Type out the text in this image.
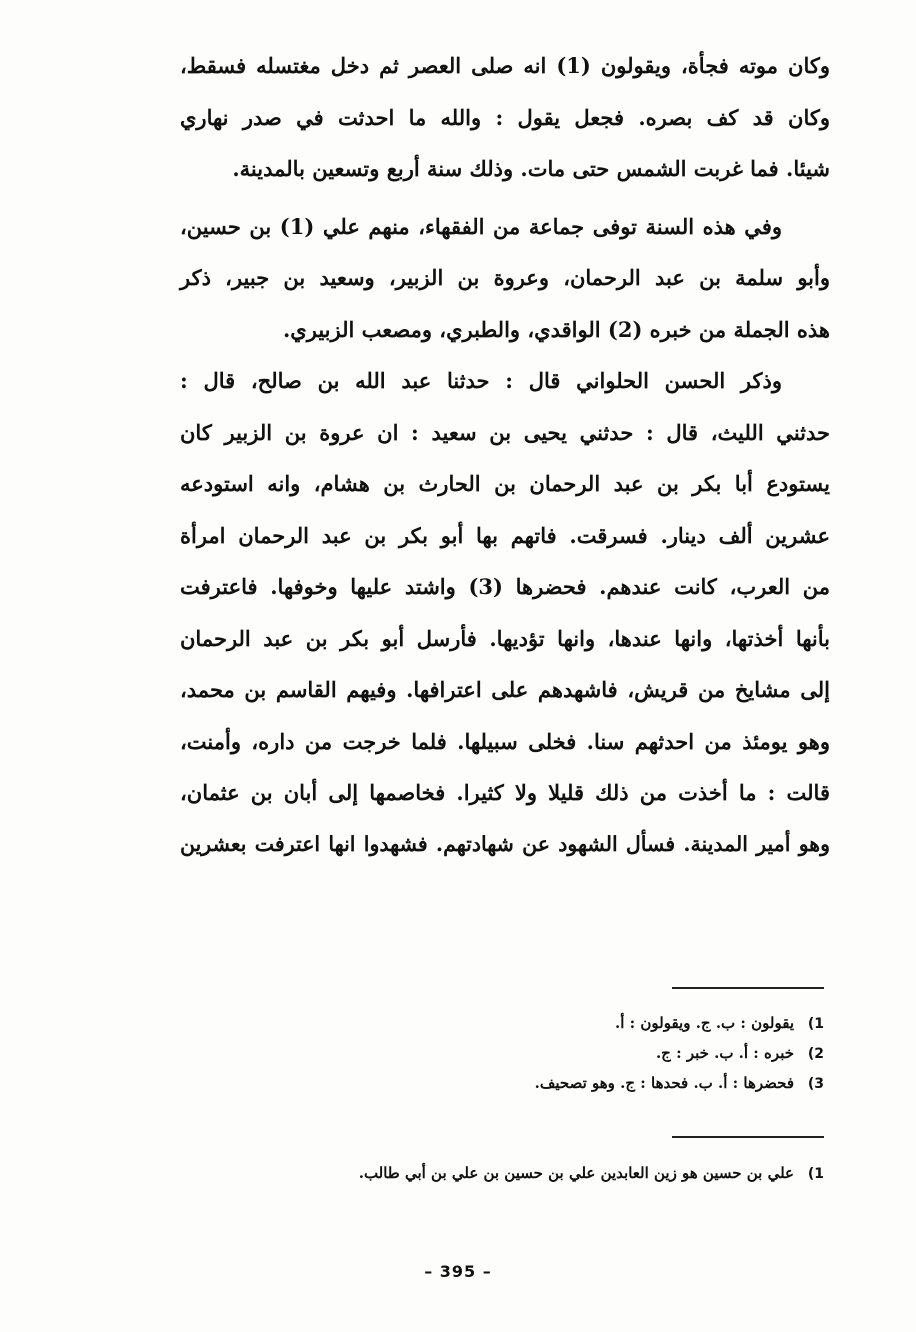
وكان موته فجأة، ويقولون (1) انه صلى العصر ثم دخل مغتسله فسقط،
وكان قد كف بصره. فجعل يقول : والله ما احدثت في صدر نهاري
شيئا. فما غربت الشمس حتى مات. وذلك سنة أربع وتسعين بالمدينة.
وفي هذه السنة توفى جماعة من الفقهاء، منهم علي (1) بن حسين،
وأبو سلمة بن عبد الرحمان، وعروة بن الزبير، وسعيد بن جبير، ذكر
هذه الجملة من خبره (2) الواقدي، والطبري، ومصعب الزبيري.
وذكر الحسن الحلواني قال : حدثنا عبد الله بن صالح، قال :
حدثني الليث، قال : حدثني يحيى بن سعيد : ان عروة بن الزبير كان
يستودع أبا بكر بن عبد الرحمان بن الحارث بن هشام، وانه استودعه
عشرين ألف دينار. فسرقت. فاتهم بها أبو بكر بن عبد الرحمان امرأة
من العرب، كانت عندهم. فحضرها (3) واشتد عليها وخوفها. فاعترفت
بأنها أخذتها، وانها عندها، وانها تؤديها. فأرسل أبو بكر بن عبد الرحمان
إلى مشايخ من قريش، فاشهدهم على اعترافها. وفيهم القاسم بن محمد،
وهو يومئذ من احدثهم سنا. فخلى سبيلها. فلما خرجت من داره، وأمنت،
قالت : ما أخذت من ذلك قليلا ولا كثيرا. فخاصمها إلى أبان بن عثمان،
وهو أمير المدينة. فسأل الشهود عن شهادتهم. فشهدوا انها اعترفت بعشرين
1)
يقولون : ب. ج. ويقولون : أ.
2)
خبره : أ. ب. خبر : ج.
3)
فحضرها : أ. ب. فحدها : ج. وهو تصحيف.
1)
علي بن حسين هو زين العابدين علي بن حسين بن علي بن أبي طالب.
– 395 –
